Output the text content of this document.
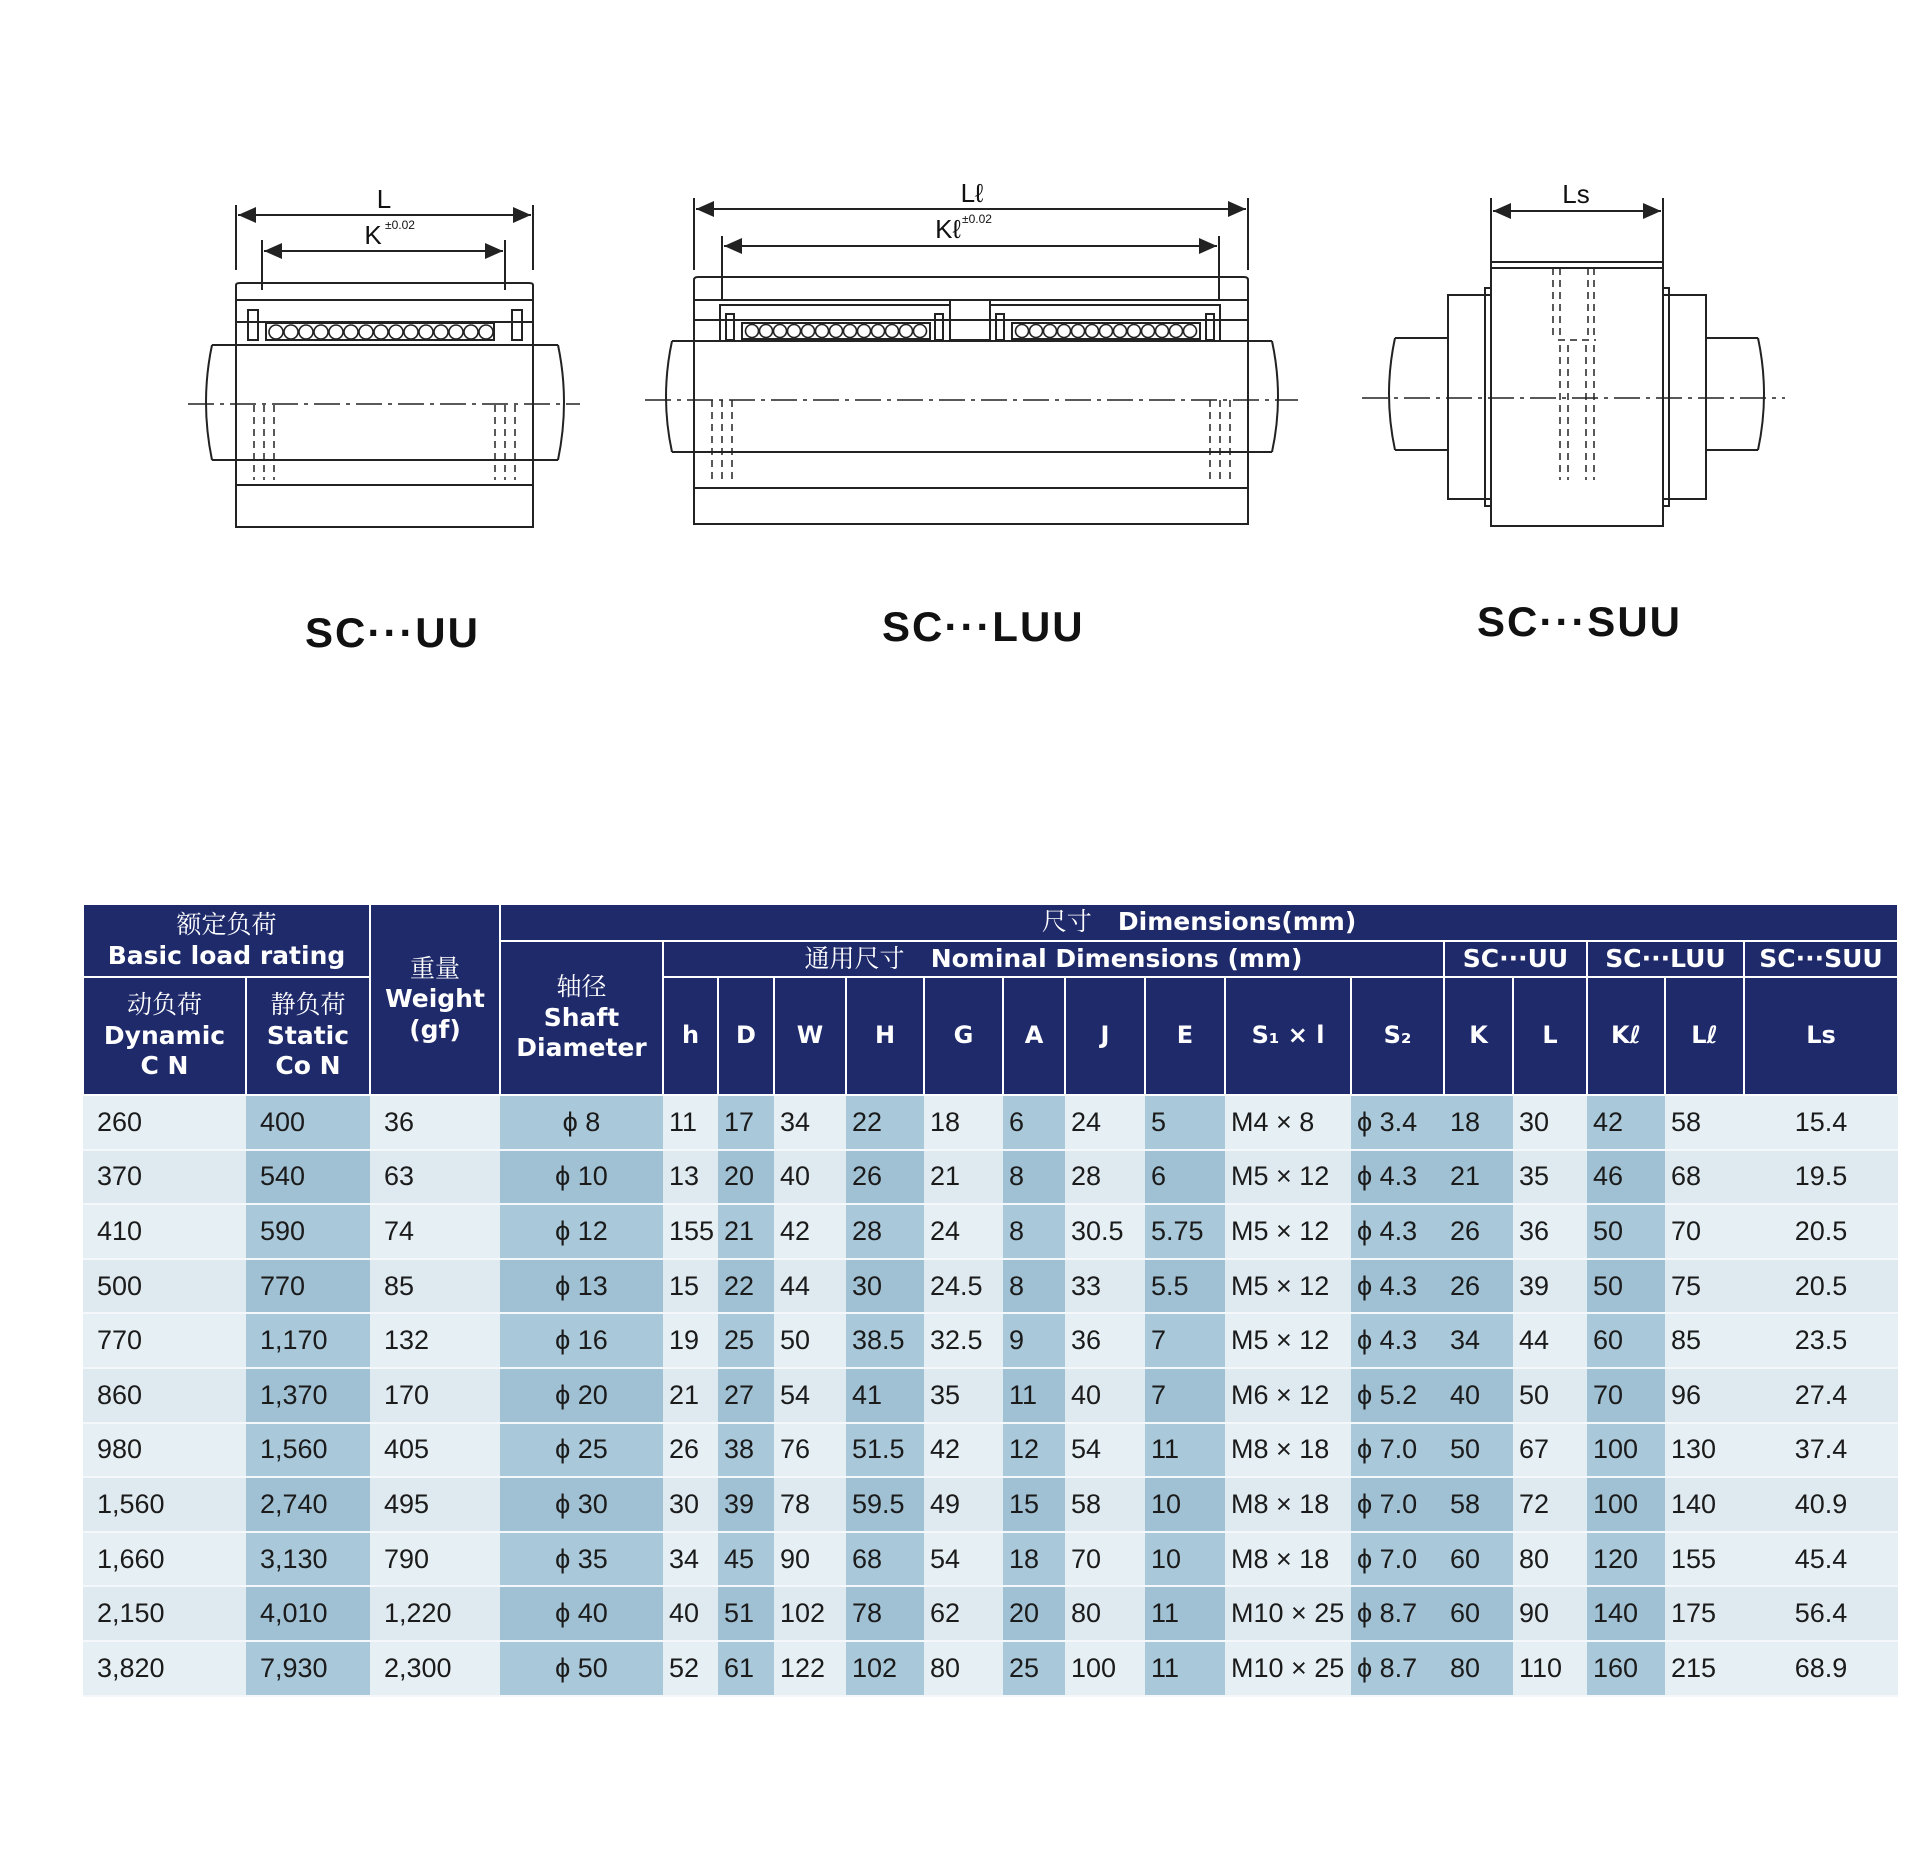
L
K ±0.02
Lℓ
Kℓ ±0.02
Ls
SC···UU	SC···LUU	SC···SUU
额定负荷
Basic load rating		重量
Weight
(gf)	尺寸 Dimensions(mm)															

			轴径
Shaft
Diameter	通用尺寸 Nominal Dimensions (mm)										SC···UU		SC···LUU		SC···SUU

动负荷
Dynamic
C N	静负荷
Static
Co N			h	D	W	H	G	A	J	E	S₁ × l	S₂	K	L	Kℓ	Lℓ	Ls
260	400	36	ϕ 8	11	17	34	22	18	6	24	5	M4 × 8	ϕ 3.4	18	30	42	58	15.4
370	540	63	ϕ 10	13	20	40	26	21	8	28	6	M5 × 12	ϕ 4.3	21	35	46	68	19.5
410	590	74	ϕ 12	155	21	42	28	24	8	30.5	5.75	M5 × 12	ϕ 4.3	26	36	50	70	20.5
500	770	85	ϕ 13	15	22	44	30	24.5	8	33	5.5	M5 × 12	ϕ 4.3	26	39	50	75	20.5
770	1,170	132	ϕ 16	19	25	50	38.5	32.5	9	36	7	M5 × 12	ϕ 4.3	34	44	60	85	23.5
860	1,370	170	ϕ 20	21	27	54	41	35	11	40	7	M6 × 12	ϕ 5.2	40	50	70	96	27.4
980	1,560	405	ϕ 25	26	38	76	51.5	42	12	54	11	M8 × 18	ϕ 7.0	50	67	100	130	37.4
1,560	2,740	495	ϕ 30	30	39	78	59.5	49	15	58	10	M8 × 18	ϕ 7.0	58	72	100	140	40.9
1,660	3,130	790	ϕ 35	34	45	90	68	54	18	70	10	M8 × 18	ϕ 7.0	60	80	120	155	45.4
2,150	4,010	1,220	ϕ 40	40	51	102	78	62	20	80	11	M10 × 25	ϕ 8.7	60	90	140	175	56.4
3,820	7,930	2,300	ϕ 50	52	61	122	102	80	25	100	11	M10 × 25	ϕ 8.7	80	110	160	215	68.9
